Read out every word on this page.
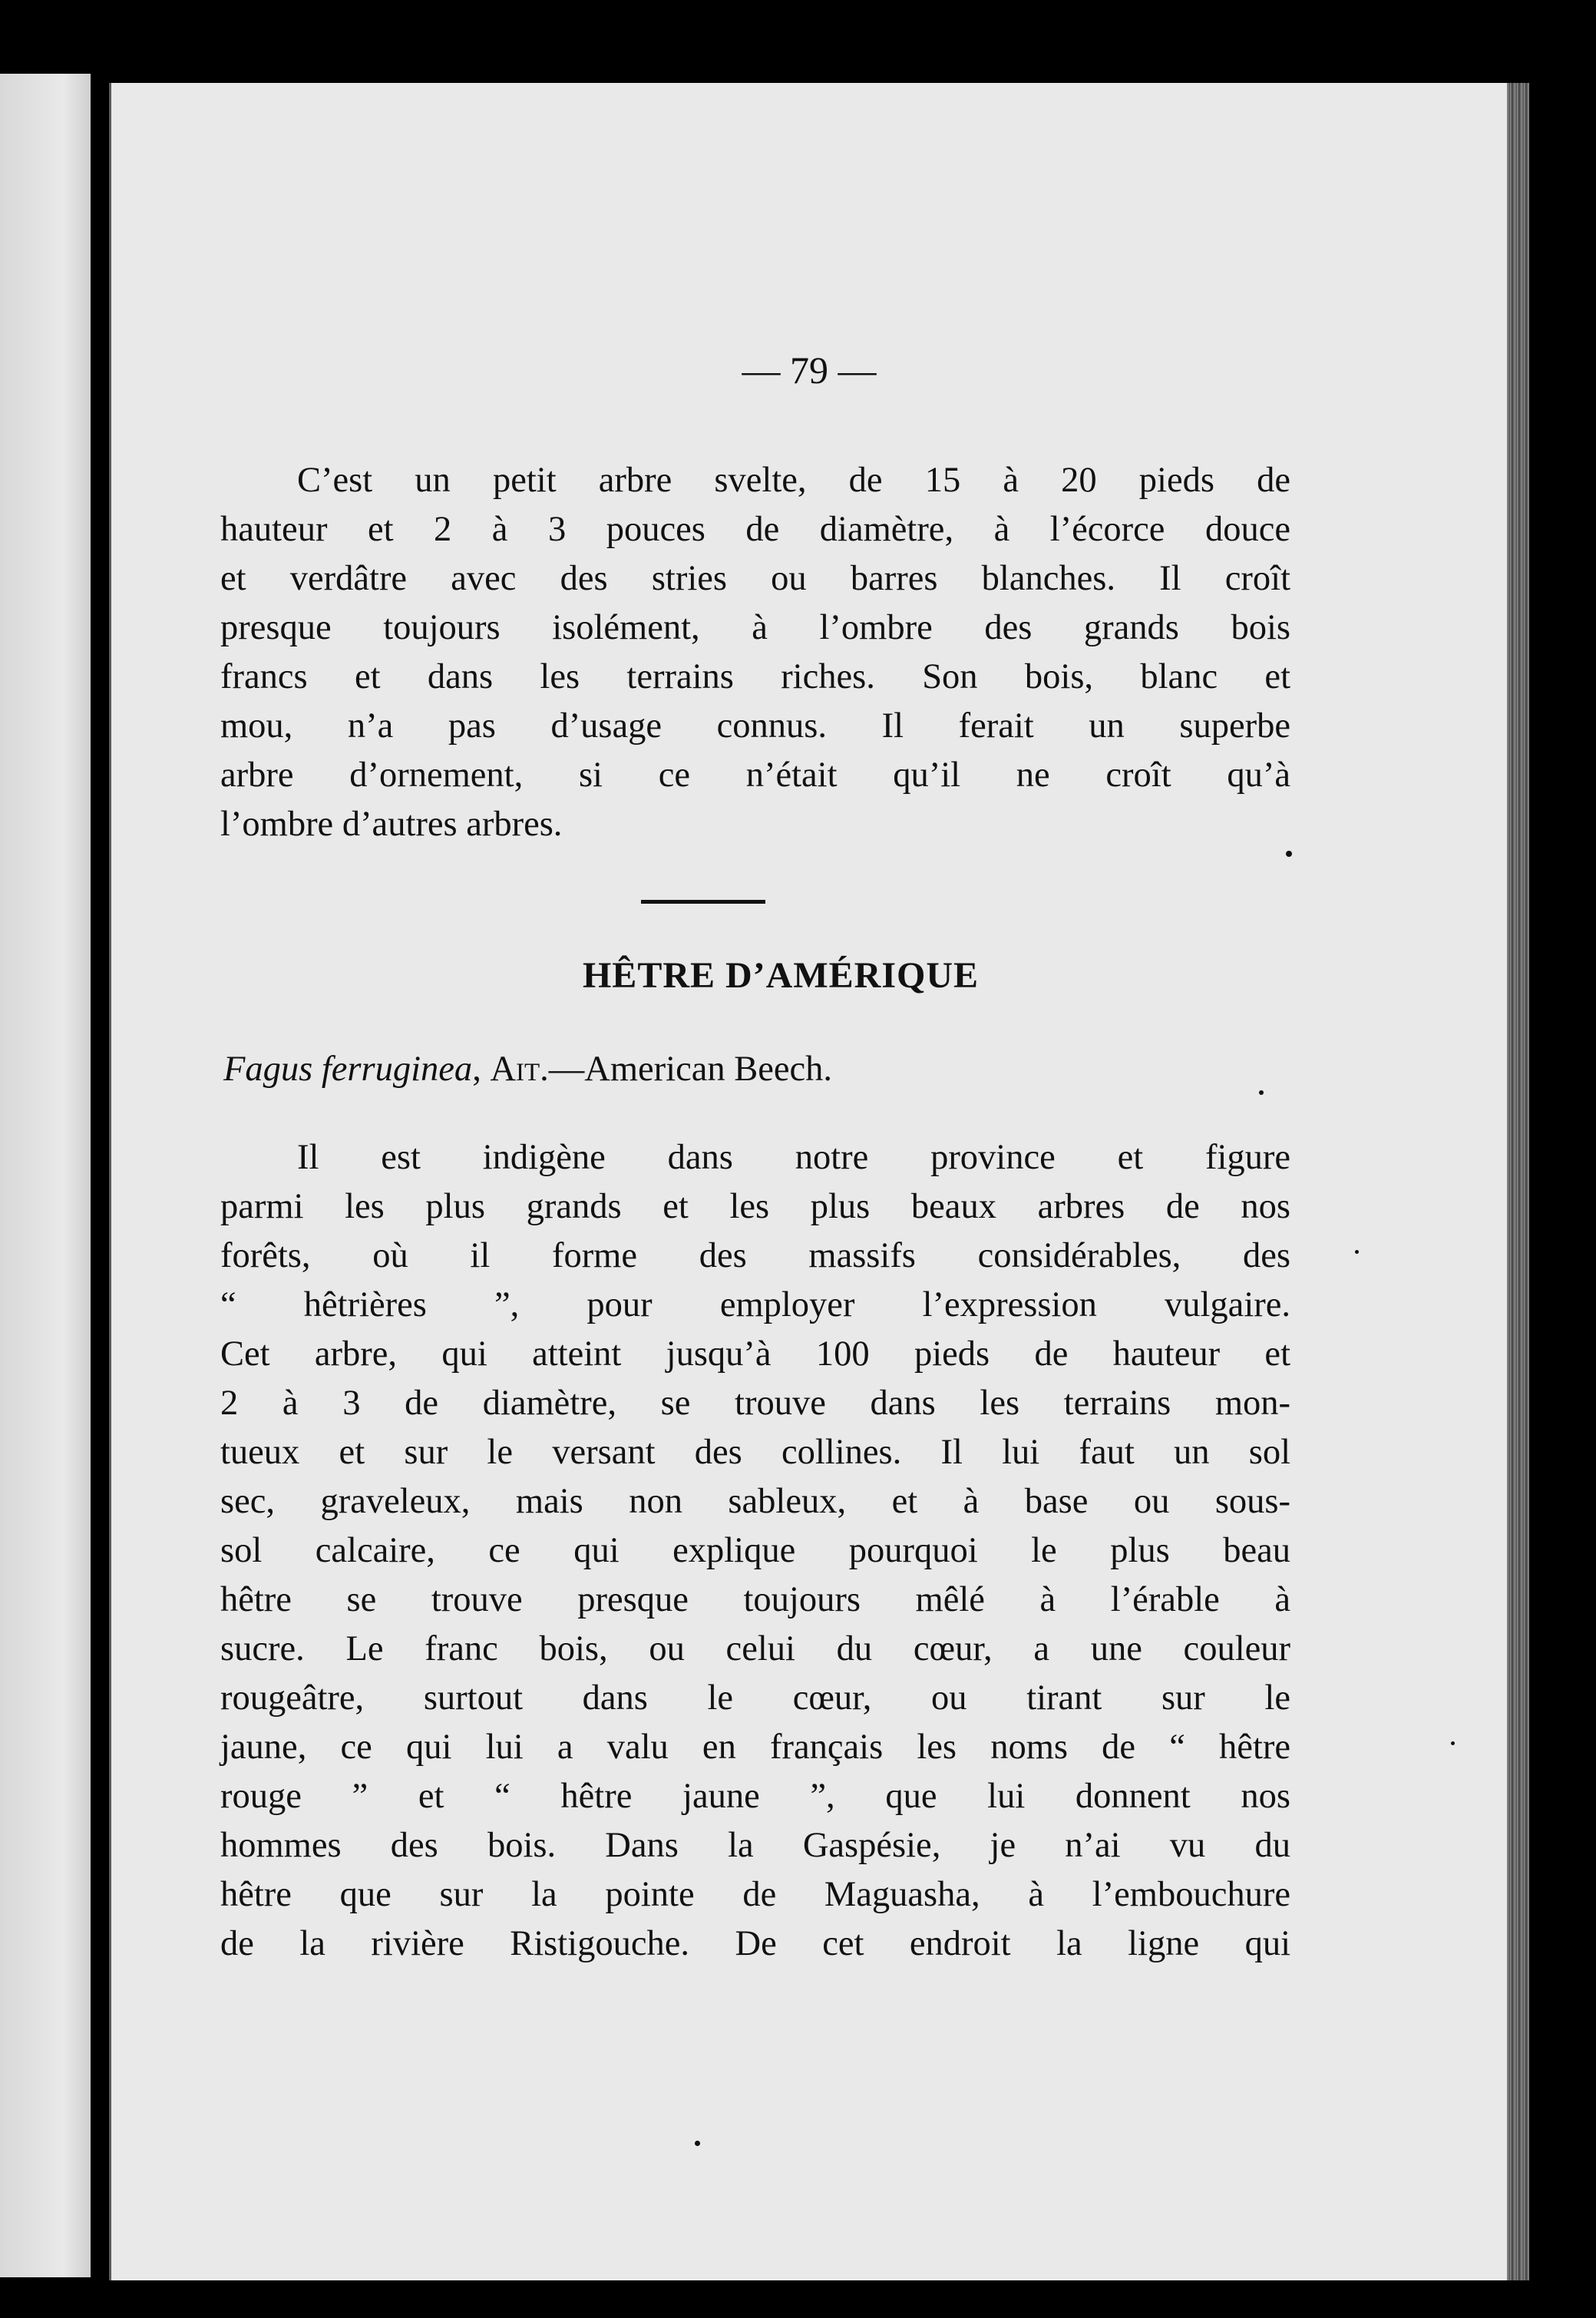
— 79 —
C’est un petit arbre svelte, de 15 à 20 pieds de
hauteur et 2 à 3 pouces de diamètre, à l’écorce douce
et verdâtre avec des stries ou barres blanches. Il croît
presque toujours isolément, à l’ombre des grands bois
francs et dans les terrains riches. Son bois, blanc et
mou, n’a pas d’usage connus. Il ferait un superbe
arbre d’ornement, si ce n’était qu’il ne croît qu’à
l’ombre d’autres arbres.
HÊTRE D’AMÉRIQUE
Fagus ferruginea, Ait.—American Beech.
Il est indigène dans notre province et figure
parmi les plus grands et les plus beaux arbres de nos
forêts, où il forme des massifs considérables, des
“ hêtrières ”, pour employer l’expression vulgaire.
Cet arbre, qui atteint jusqu’à 100 pieds de hauteur et
2 à 3 de diamètre, se trouve dans les terrains mon-
tueux et sur le versant des collines. Il lui faut un sol
sec, graveleux, mais non sableux, et à base ou sous-
sol calcaire, ce qui explique pourquoi le plus beau
hêtre se trouve presque toujours mêlé à l’érable à
sucre. Le franc bois, ou celui du cœur, a une couleur
rougeâtre, surtout dans le cœur, ou tirant sur le
jaune, ce qui lui a valu en français les noms de “ hêtre
rouge ” et “ hêtre jaune ”, que lui donnent nos
hommes des bois. Dans la Gaspésie, je n’ai vu du
hêtre que sur la pointe de Maguasha, à l’embouchure
de la rivière Ristigouche. De cet endroit la ligne qui
